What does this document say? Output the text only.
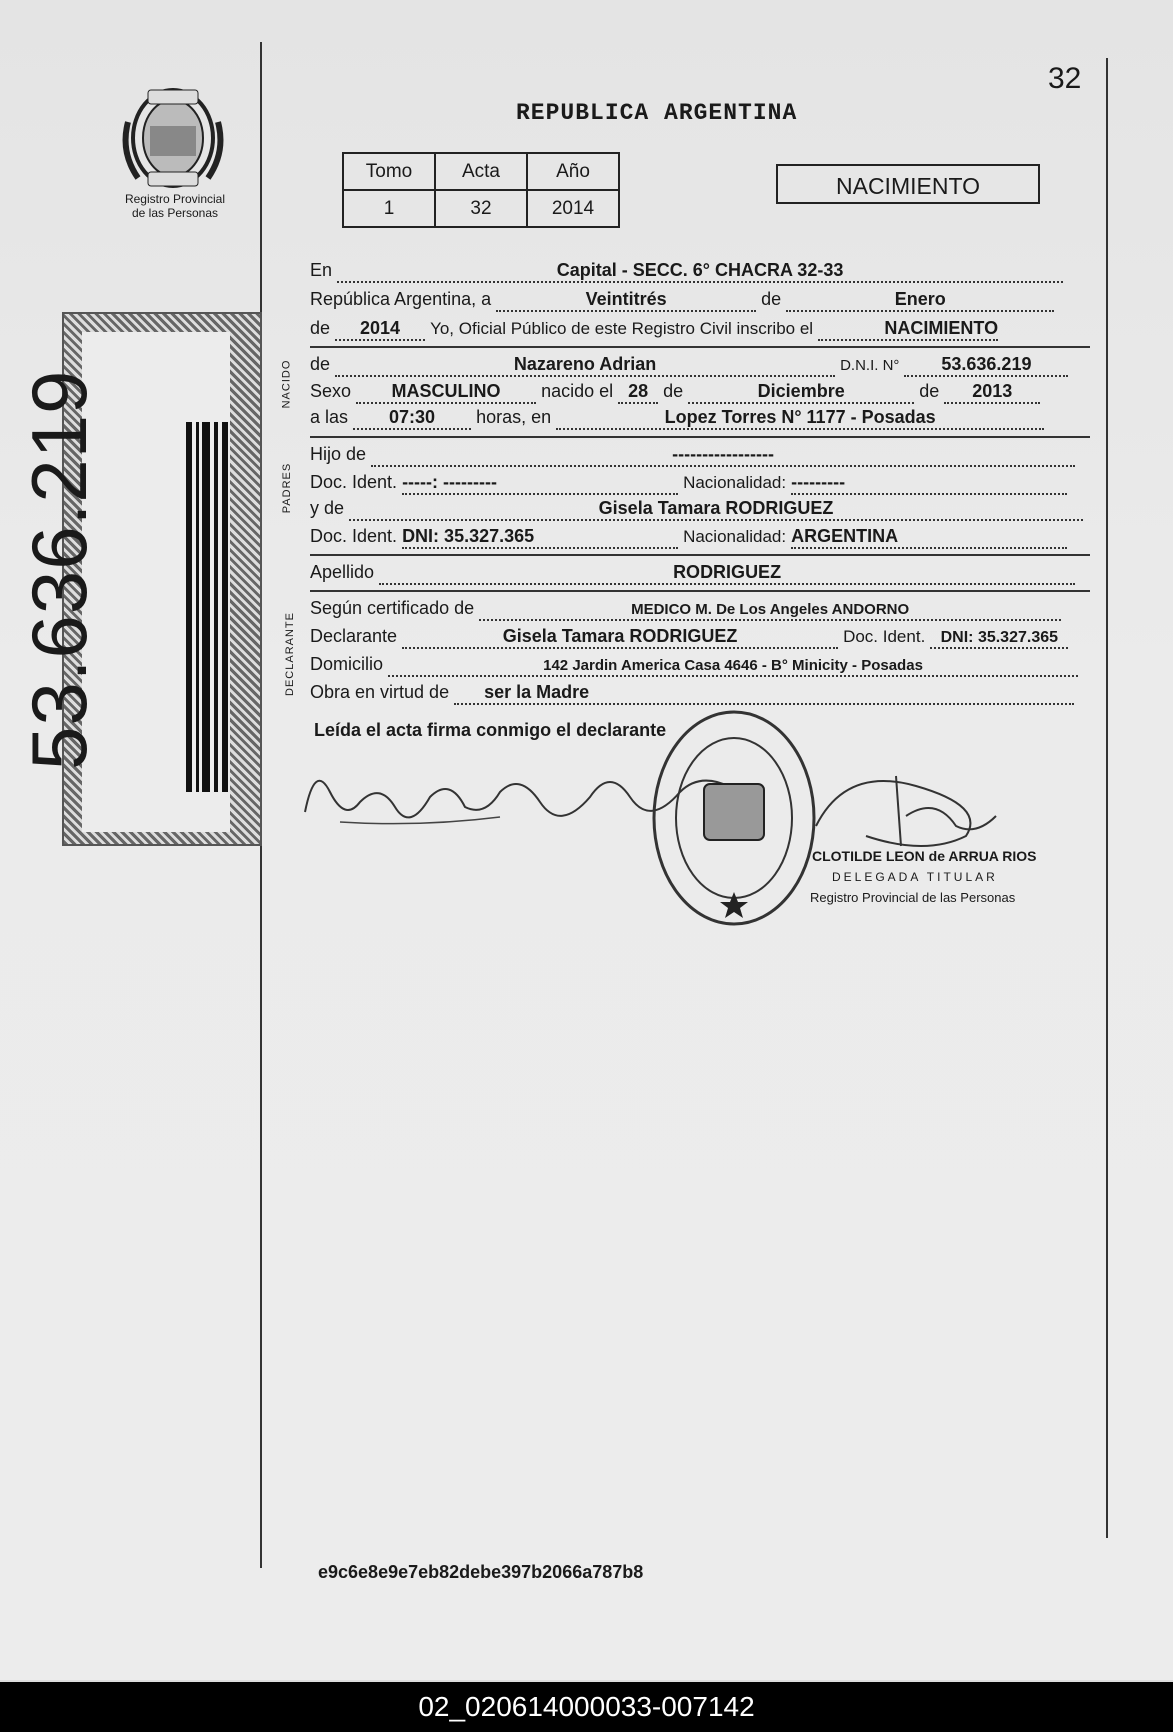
Registro Provincial
de las Personas
REPUBLICA ARGENTINA
32
Tomo	Acta	Año
1	32	2014
NACIMIENTO
53.636.219	NACIDO
PADRES
DECLARANTE
En	Capital - SECC. 6° CHACRA 32-33
República Argentina, a	Veintitrés	de	Enero
de 2014 Yo, Oficial Público de este Registro Civil inscribo el	NACIMIENTO
de	Nazareno Adrian	D.N.I. N° 53.636.219
Sexo MASCULINO nacido el 28 de	Diciembre	de 2013
a las 07:30 horas, en	Lopez Torres N° 1177 - Posadas
Hijo de	-----------------
Doc. Ident. -----: ---------	Nacionalidad: ---------
y de	Gisela Tamara RODRIGUEZ
Doc. Ident. DNI: 35.327.365	Nacionalidad: ARGENTINA
Apellido	RODRIGUEZ
Según certificado de	MEDICO M. De Los Angeles ANDORNO
Declarante	Gisela Tamara RODRIGUEZ	Doc. Ident. DNI: 35.327.365
Domicilio	142 Jardin America Casa 4646 - B° Minicity - Posadas
Obra en virtud de ser la Madre
Leída el acta firma conmigo el declarante
CLOTILDE LEON de ARRUA RIOS
DELEGADA TITULAR
Registro Provincial de las Personas
e9c6e8e9e7eb82debe397b2066a787b8
02_020614000033-007142
